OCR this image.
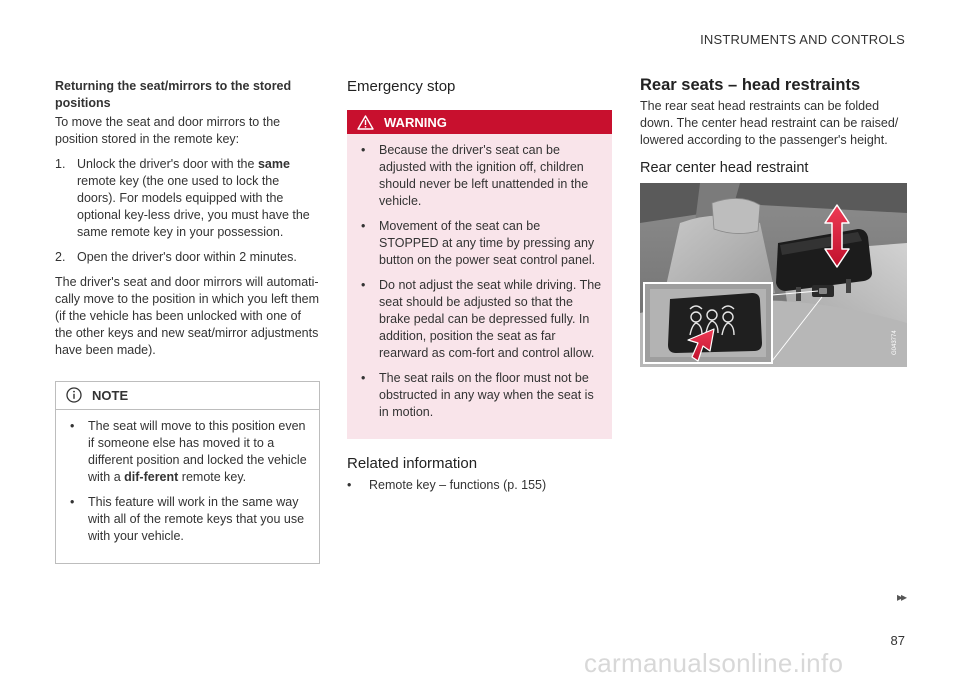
INSTRUMENTS AND CONTROLS
Returning the seat/mirrors to the stored positions

To move the seat and door mirrors to the position stored in the remote key:

1. Unlock the driver's door with the same remote key (the one used to lock the doors). For models equipped with the optional key-less drive, you must have the same remote key in your possession.
2. Open the driver's door within 2 minutes.

The driver's seat and door mirrors will automati-cally move to the position in which you left them (if the vehicle has been unlocked with one of the other keys and new seat/mirror adjustments have been made).

NOTE
• The seat will move to this position even if someone else has moved it to a different position and locked the vehicle with a dif-ferent remote key.
• This feature will work in the same way with all of the remote keys that you use with your vehicle.
Emergency stop
WARNING
• Because the driver's seat can be adjusted with the ignition off, children should never be left unattended in the vehicle.
• Movement of the seat can be STOPPED at any time by pressing any button on the power seat control panel.
• Do not adjust the seat while driving. The seat should be adjusted so that the brake pedal can be depressed fully. In addition, position the seat as far rearward as com-fort and control allow.
• The seat rails on the floor must not be obstructed in any way when the seat is in motion.
Related information
• Remote key – functions (p. 155)
Rear seats – head restraints

The rear seat head restraints can be folded down. The center head restraint can be raised/ lowered according to the passenger's height.

Rear center head restraint
G043774
▸▸
87
carmanualsonline.info
